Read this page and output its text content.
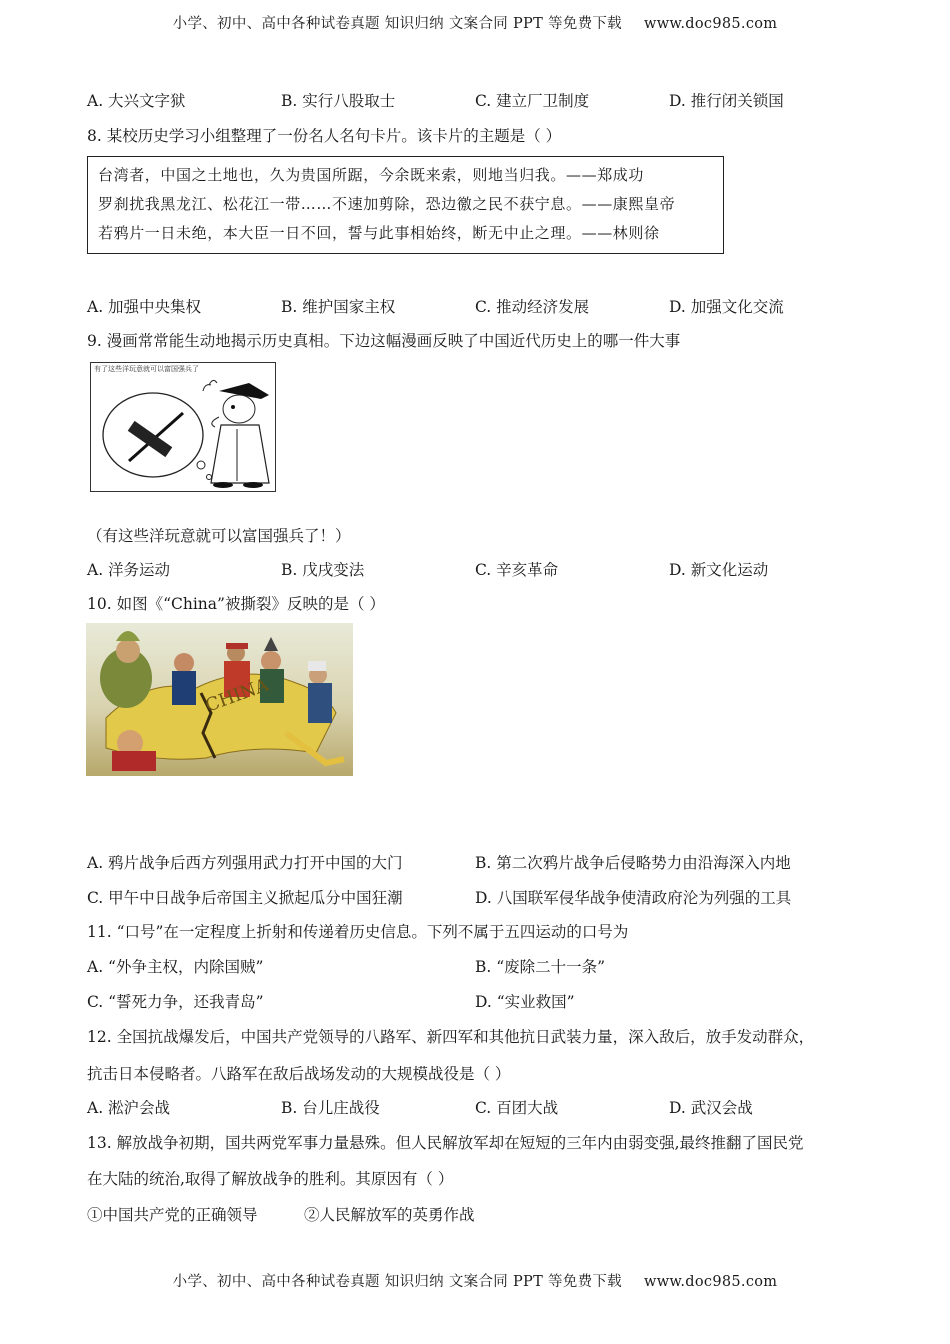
小学、初中、高中各种试卷真题 知识归纳 文案合同 PPT 等免费下载 www.doc985.com
A. 大兴文字狱	B. 实行八股取士	C. 建立厂卫制度	D. 推行闭关锁国
8. 某校历史学习小组整理了一份名人名句卡片。该卡片的主题是（ ）
台湾者，中国之土地也，久为贵国所踞，今余既来索，则地当归我。——郑成功
罗刹扰我黑龙江、松花江一带……不速加剪除，恐边徼之民不获宁息。——康熙皇帝
若鸦片一日未绝，本大臣一日不回，誓与此事相始终，断无中止之理。——林则徐
A. 加强中央集权	B. 维护国家主权	C. 推动经济发展	D. 加强文化交流
9. 漫画常常能生动地揭示历史真相。下边这幅漫画反映了中国近代历史上的哪一件大事
有了这些洋玩意就可以富国强兵了
（有这些洋玩意就可以富国强兵了！）
A. 洋务运动	B. 戊戌变法	C. 辛亥革命	D. 新文化运动
10. 如图《“China”被撕裂》反映的是（ ）
CHINA
A. 鸦片战争后西方列强用武力打开中国的大门	B. 第二次鸦片战争后侵略势力由沿海深入内地
C. 甲午中日战争后帝国主义掀起瓜分中国狂潮	D. 八国联军侵华战争使清政府沦为列强的工具
11. “口号”在一定程度上折射和传递着历史信息。下列不属于五四运动的口号为
A. “外争主权，内除国贼”	B. “废除二十一条”
C. “誓死力争，还我青岛”	D. “实业救国”
12. 全国抗战爆发后，中国共产党领导的八路军、新四军和其他抗日武装力量，深入敌后，放手发动群众，
抗击日本侵略者。八路军在敌后战场发动的大规模战役是（ ）
A. 淞沪会战	B. 台儿庄战役	C. 百团大战	D. 武汉会战
13. 解放战争初期，国共两党军事力量悬殊。但人民解放军却在短短的三年内由弱变强,最终推翻了国民党
在大陆的统治,取得了解放战争的胜利。其原因有（ ）
①中国共产党的正确领导	②人民解放军的英勇作战
小学、初中、高中各种试卷真题 知识归纳 文案合同 PPT 等免费下载 www.doc985.com
